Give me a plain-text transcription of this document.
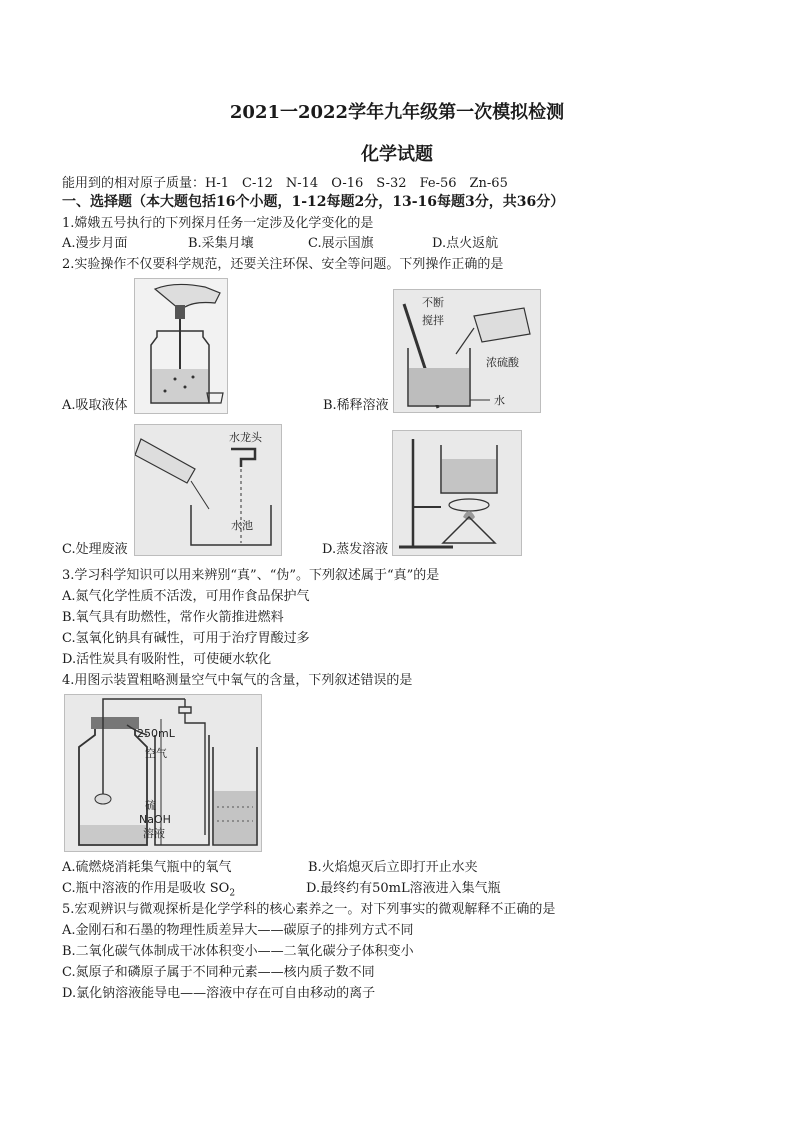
2021一2022学年九年级第一次模拟检测
化学试题
能用到的相对原子质量：H-1　C-12　N-14　O-16　S-32　Fe-56　Zn-65
一、选择题（本大题包括16个小题，1-12每题2分，13-16每题3分，共36分）
1.嫦娥五号执行的下列探月任务一定涉及化学变化的是
A.漫步月面	B.采集月壤	C.展示国旗	D.点火返航
2.实验操作不仅要科学规范，还要关注环保、安全等问题。下列操作正确的是
A.吸取液体
不断
搅拌
浓硫酸
水
B.稀释溶液
水龙头
水池
C.处理废液	D.蒸发溶液
3.学习科学知识可以用来辨别“真”、“伪”。下列叙述属于“真”的是
A.氮气化学性质不活泼，可用作食品保护气
B.氧气具有助燃性，常作火箭推进燃料
C.氢氧化钠具有碱性，可用于治疗胃酸过多
D.活性炭具有吸附性，可使硬水软化
4.用图示装置粗略测量空气中氧气的含量，下列叙述错误的是
250mL
空气
硫
NaOH
溶液
A.硫燃烧消耗集气瓶中的氧气	B.火焰熄灭后立即打开止水夹
C.瓶中溶液的作用是吸收 $SO_2$	D.最终约有50mL溶液进入集气瓶
5.宏观辨识与微观探析是化学学科的核心素养之一。对下列事实的微观解释不正确的是
A.金刚石和石墨的物理性质差异大——碳原子的排列方式不同
B.二氧化碳气体制成干冰体积变小——二氧化碳分子体积变小
C.氮原子和磷原子属于不同种元素——核内质子数不同
D.氯化钠溶液能导电——溶液中存在可自由移动的离子
